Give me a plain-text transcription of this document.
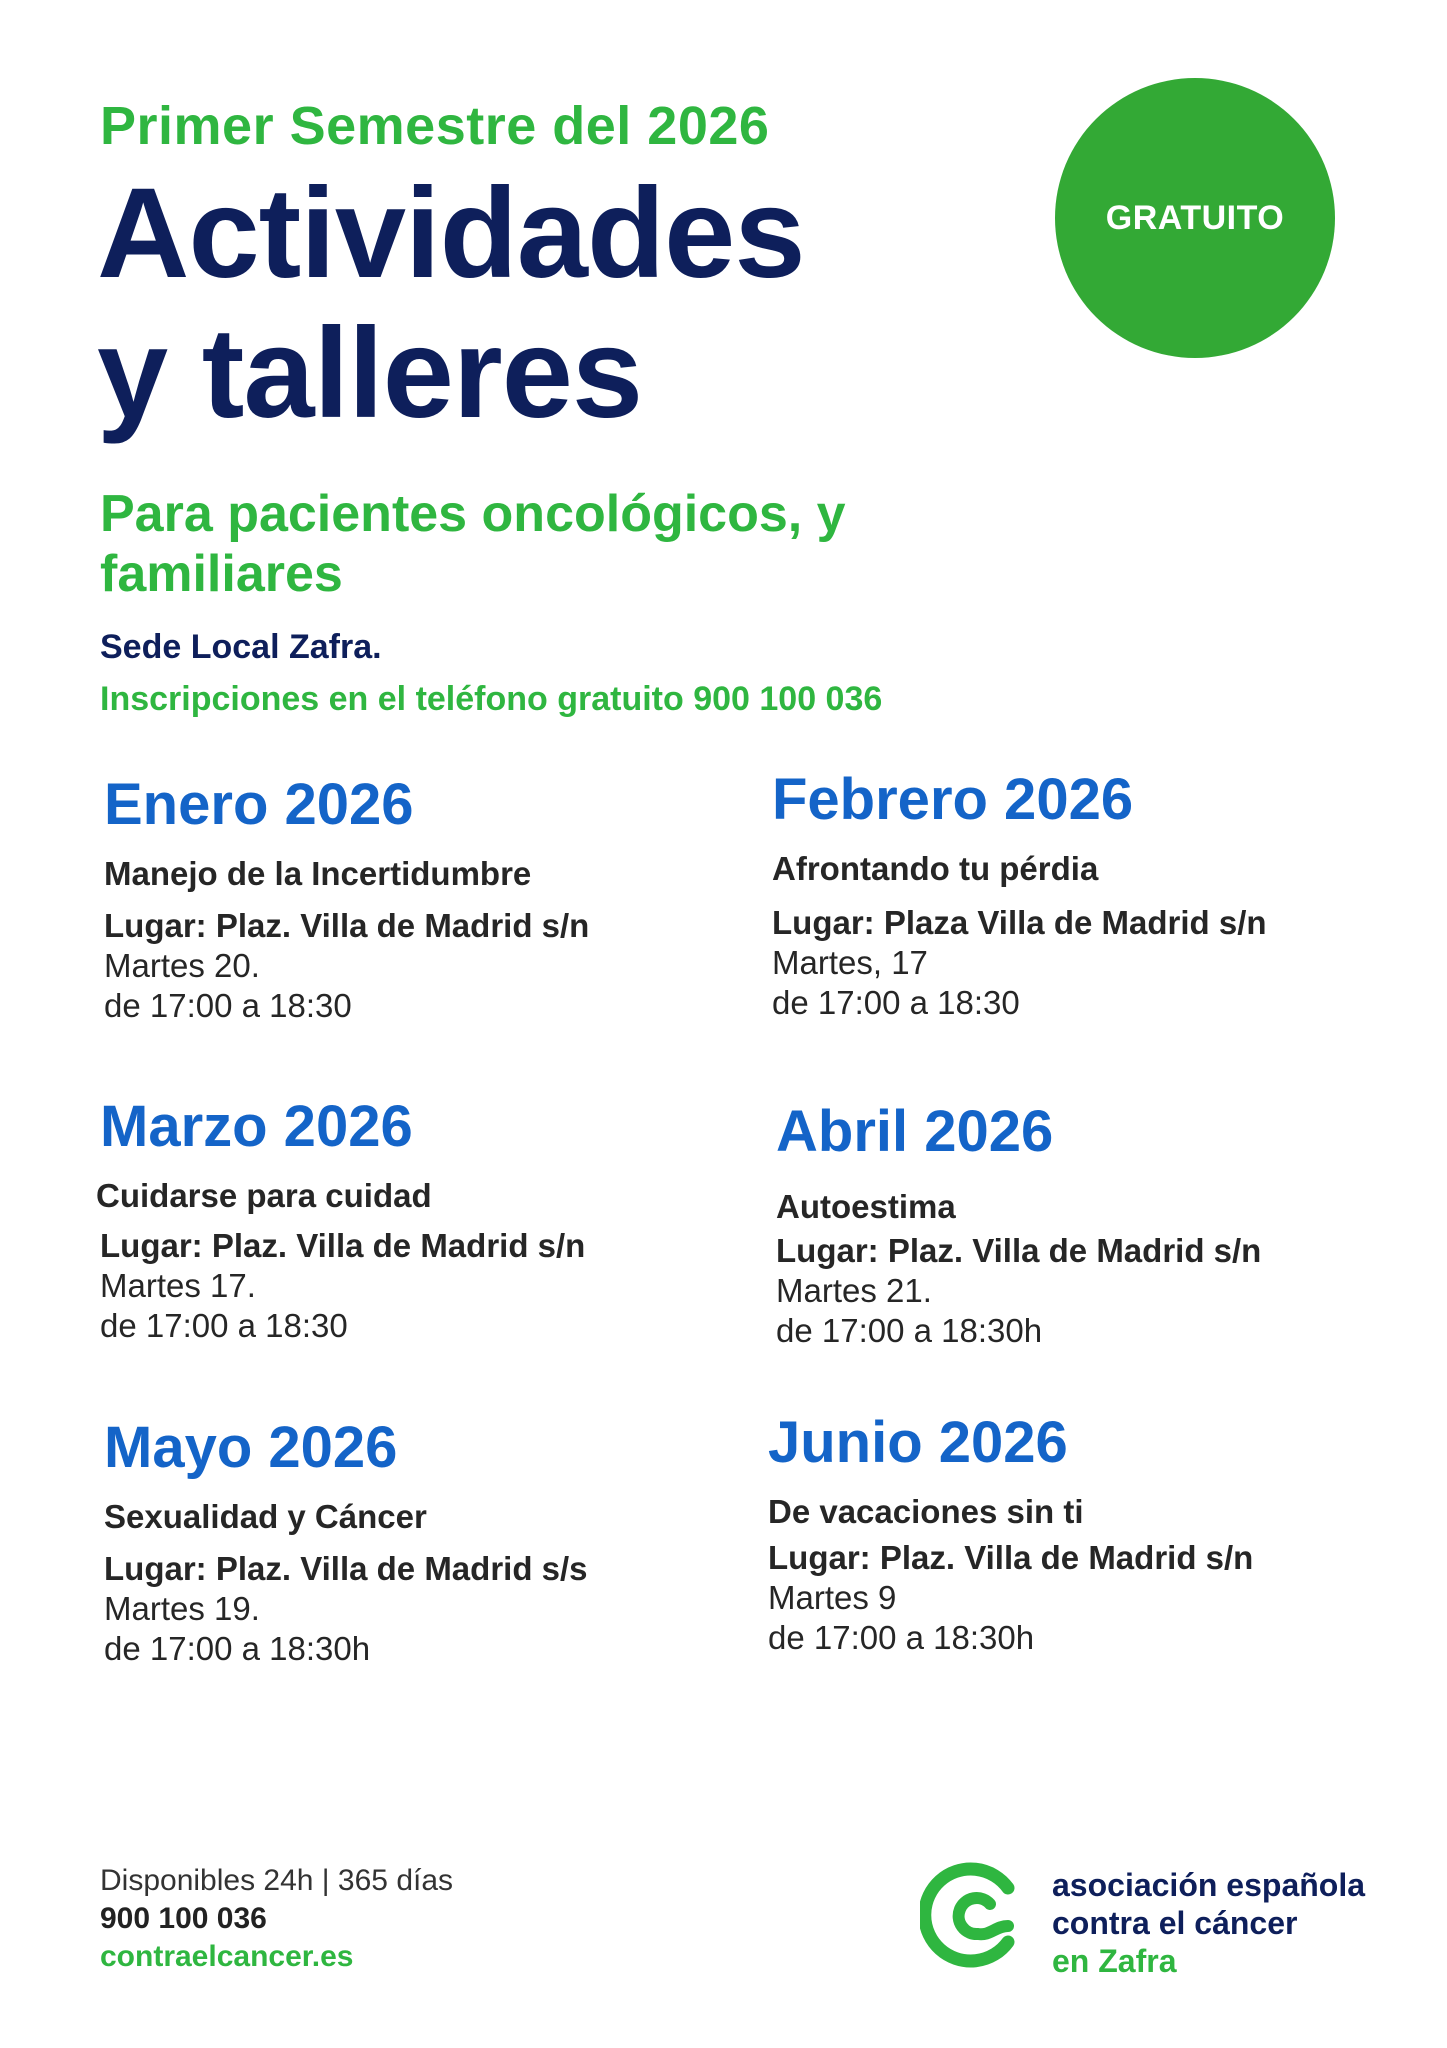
Primer Semestre del 2026
Actividades
y talleres
GRATUITO
Para pacientes oncológicos, y familiares
Sede Local Zafra.
Inscripciones en el teléfono gratuito 900 100 036
Enero 2026
Manejo de la Incertidumbre
Lugar: Plaz. Villa de Madrid s/n
Martes 20.
de 17:00 a 18:30
Febrero 2026
Afrontando tu pérdia
Lugar: Plaza Villa de Madrid s/n
Martes, 17
de 17:00 a 18:30
Marzo 2026
Cuidarse para cuidad
Lugar: Plaz. Villa de Madrid s/n
Martes 17.
de 17:00 a 18:30
Abril 2026
Autoestima
Lugar: Plaz. Villa de Madrid s/n
Martes 21.
de 17:00 a 18:30h
Mayo 2026
Sexualidad y Cáncer
Lugar: Plaz. Villa de Madrid s/s
Martes 19.
de 17:00 a 18:30h
Junio 2026
De vacaciones sin ti
Lugar: Plaz. Villa de Madrid s/n
Martes 9
de 17:00 a 18:30h
Disponibles 24h | 365 días
900 100 036
contraelcancer.es
asociación española
contra el cáncer
en Zafra
